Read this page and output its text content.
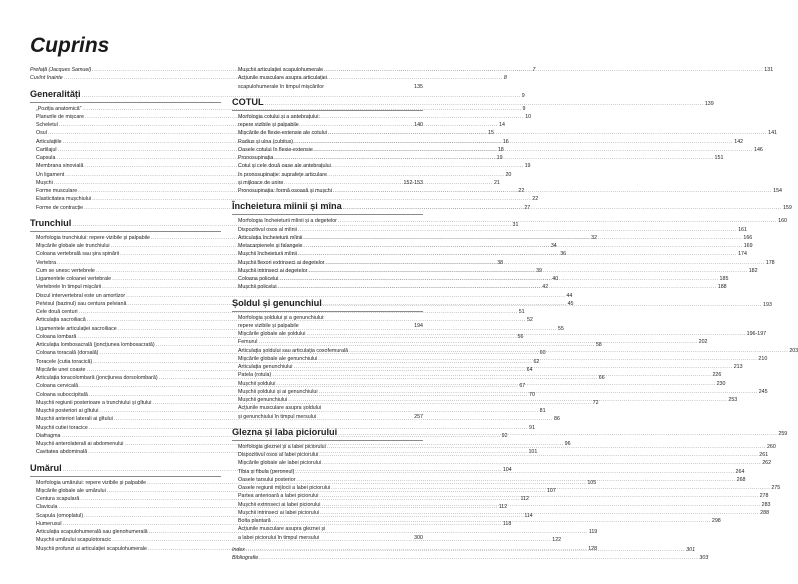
Cuprins
Prefață (Jacques Samuel) .....	7
Cuvînt înainte .....	8
Generalități .....	9
„Poziția anatomică” .....	9
Planurile de mișcare .....	10
Scheletul .....	14
Osul .....	15
Articulațiile .....	16
Cartilajul .....	18
Capsula .....	19
Membrana sinovială .....	19
Un ligament .....	20
Mușchi .....	21
Forme musculare .....	22
Elasticitatea mușchiului .....	22
Forme de contracție .....	27
Trunchiul .....	31
Morfologia trunchiului: repere vizibile și palpabile .....	32
Mișcările globale ale trunchiului .....	34
Coloana vertebrală sau șira spinării .....	36
Vertebra .....	38
Cum se unesc vertebrele .....	39
Ligamentele coloanei vertebrale .....	40
Vertebrele în timpul mișcării .....	42
Discul intervertebral este un amortizor .....	44
Pelvisul (bazinul) sau centura pelviană .....	45
Cele două centuri .....	51
Articulația sacroiliacă .....	52
Ligamentele articulației sacroiliace .....	55
Coloana lombară .....	56
Articulația lombosacrală (joncțiunea lombosacrată) .....	58
Coloana toracală (dorsală) .....	60
Toracele (cutia toracică) .....	62
Mișcările unei coaste .....	64
Articulația toracolombară (joncțiunea dorsolombară) .....	66
Coloana cervicală .....	67
Coloana suboccipitală .....	70
Mușchii regiunii posterioare a trunchiului și gîtului .....	72
Mușchii posteriori ai gîtului .....	81
Mușchii anteriori laterali ai gîtului .....	86
Mușchii cutiei toracice .....	91
Diafragma .....	92
Mușchii anterolaterali ai abdomenului .....	96
Cavitatea abdominală .....	101
Umărul .....	104
Morfologia umărului: repere vizibile și palpabile .....	105
Mișcările globale ale umărului .....	107
Centura scapulară .....	112
Clavicula .....	112
Scapula (omoplatul) .....	114
Humerusul .....	118
Articulația scapulohumerală sau glenohumerală .....	119
Mușchii umărului scapulotoracic .....	122
Mușchii profunzi ai articulației scapulohumerale .....	128
Mușchii articulației scapulohumerale .....	131
Acțiunile musculare asupra articulației
scapulohumerale în timpul mișcărilor	135
COTUL .....	139
Morfologia cotului și a antebrațului:
repere vizibile și palpabile	140
Mișcările de flexie-extensie ale cotului .....	141
Radius și ulna (cubitus) .....	142
Oasele cotului în flexie-extensie .....	146
Pronosupinația .....	151
Cotul și cele două oase ale antebrațului
în pronosupinație: suprafețe articulare
și mijloace de unire	152-153
Pronosupinația: formă osoasă și mușchi .....	154
Încheietura mîinii și mîna .....	159
Morfologia încheieturii mîinii și a degetelor .....	160
Dispozitivul osos al mîinii .....	161
Articulația încheieturii mîinii .....	166
Metacarpienele și falangele .....	169
Mușchii încheieturii mîinii .....	174
Mușchii flexori extrinseci ai degetelor .....	178
Mușchii intrinseci ai degetelor .....	182
Coloana policelui .....	185
Mușchii policelui .....	188
Șoldul și genunchiul .....	193
Morfologia șoldului și a genunchiului:
repere vizibile și palpabile	194
Mișcările globale ale șoldului .....	196-197
Femurul .....	202
Articulația șoldului sau articulația coxofemurală .....	203
Mișcările globale ale genunchiului .....	210
Articulația genunchiului .....	213
Patela (rotula) .....	226
Mușchii șoldului .....	230
Mușchii șoldului și ai genunchiului .....	245
Mușchii genunchiului .....	253
Acțiunile musculare asupra șoldului
și genunchiului în timpul mersului	257
Glezna și laba piciorului .....	259
Morfologia gleznei și a labei piciorului .....	260
Dispozitivul osos al labei piciorului .....	261
Mișcările globale ale labei piciorului .....	262
Tibia și fibula (peroneul) .....	264
Oasele tarsului posterior .....	268
Oasele regiunii mijlocii a labei piciorului .....	275
Partea anterioară a labei piciorului .....	278
Mușchii extrinseci ai labei piciorului .....	283
Mușchii intrinseci ai labei piciorului .....	288
Bolta plantară .....	298
Acțiunile musculare asupra gleznei și
a labei piciorului în timpul mersului	300
Index .....	301
Bibliografie .....	303
